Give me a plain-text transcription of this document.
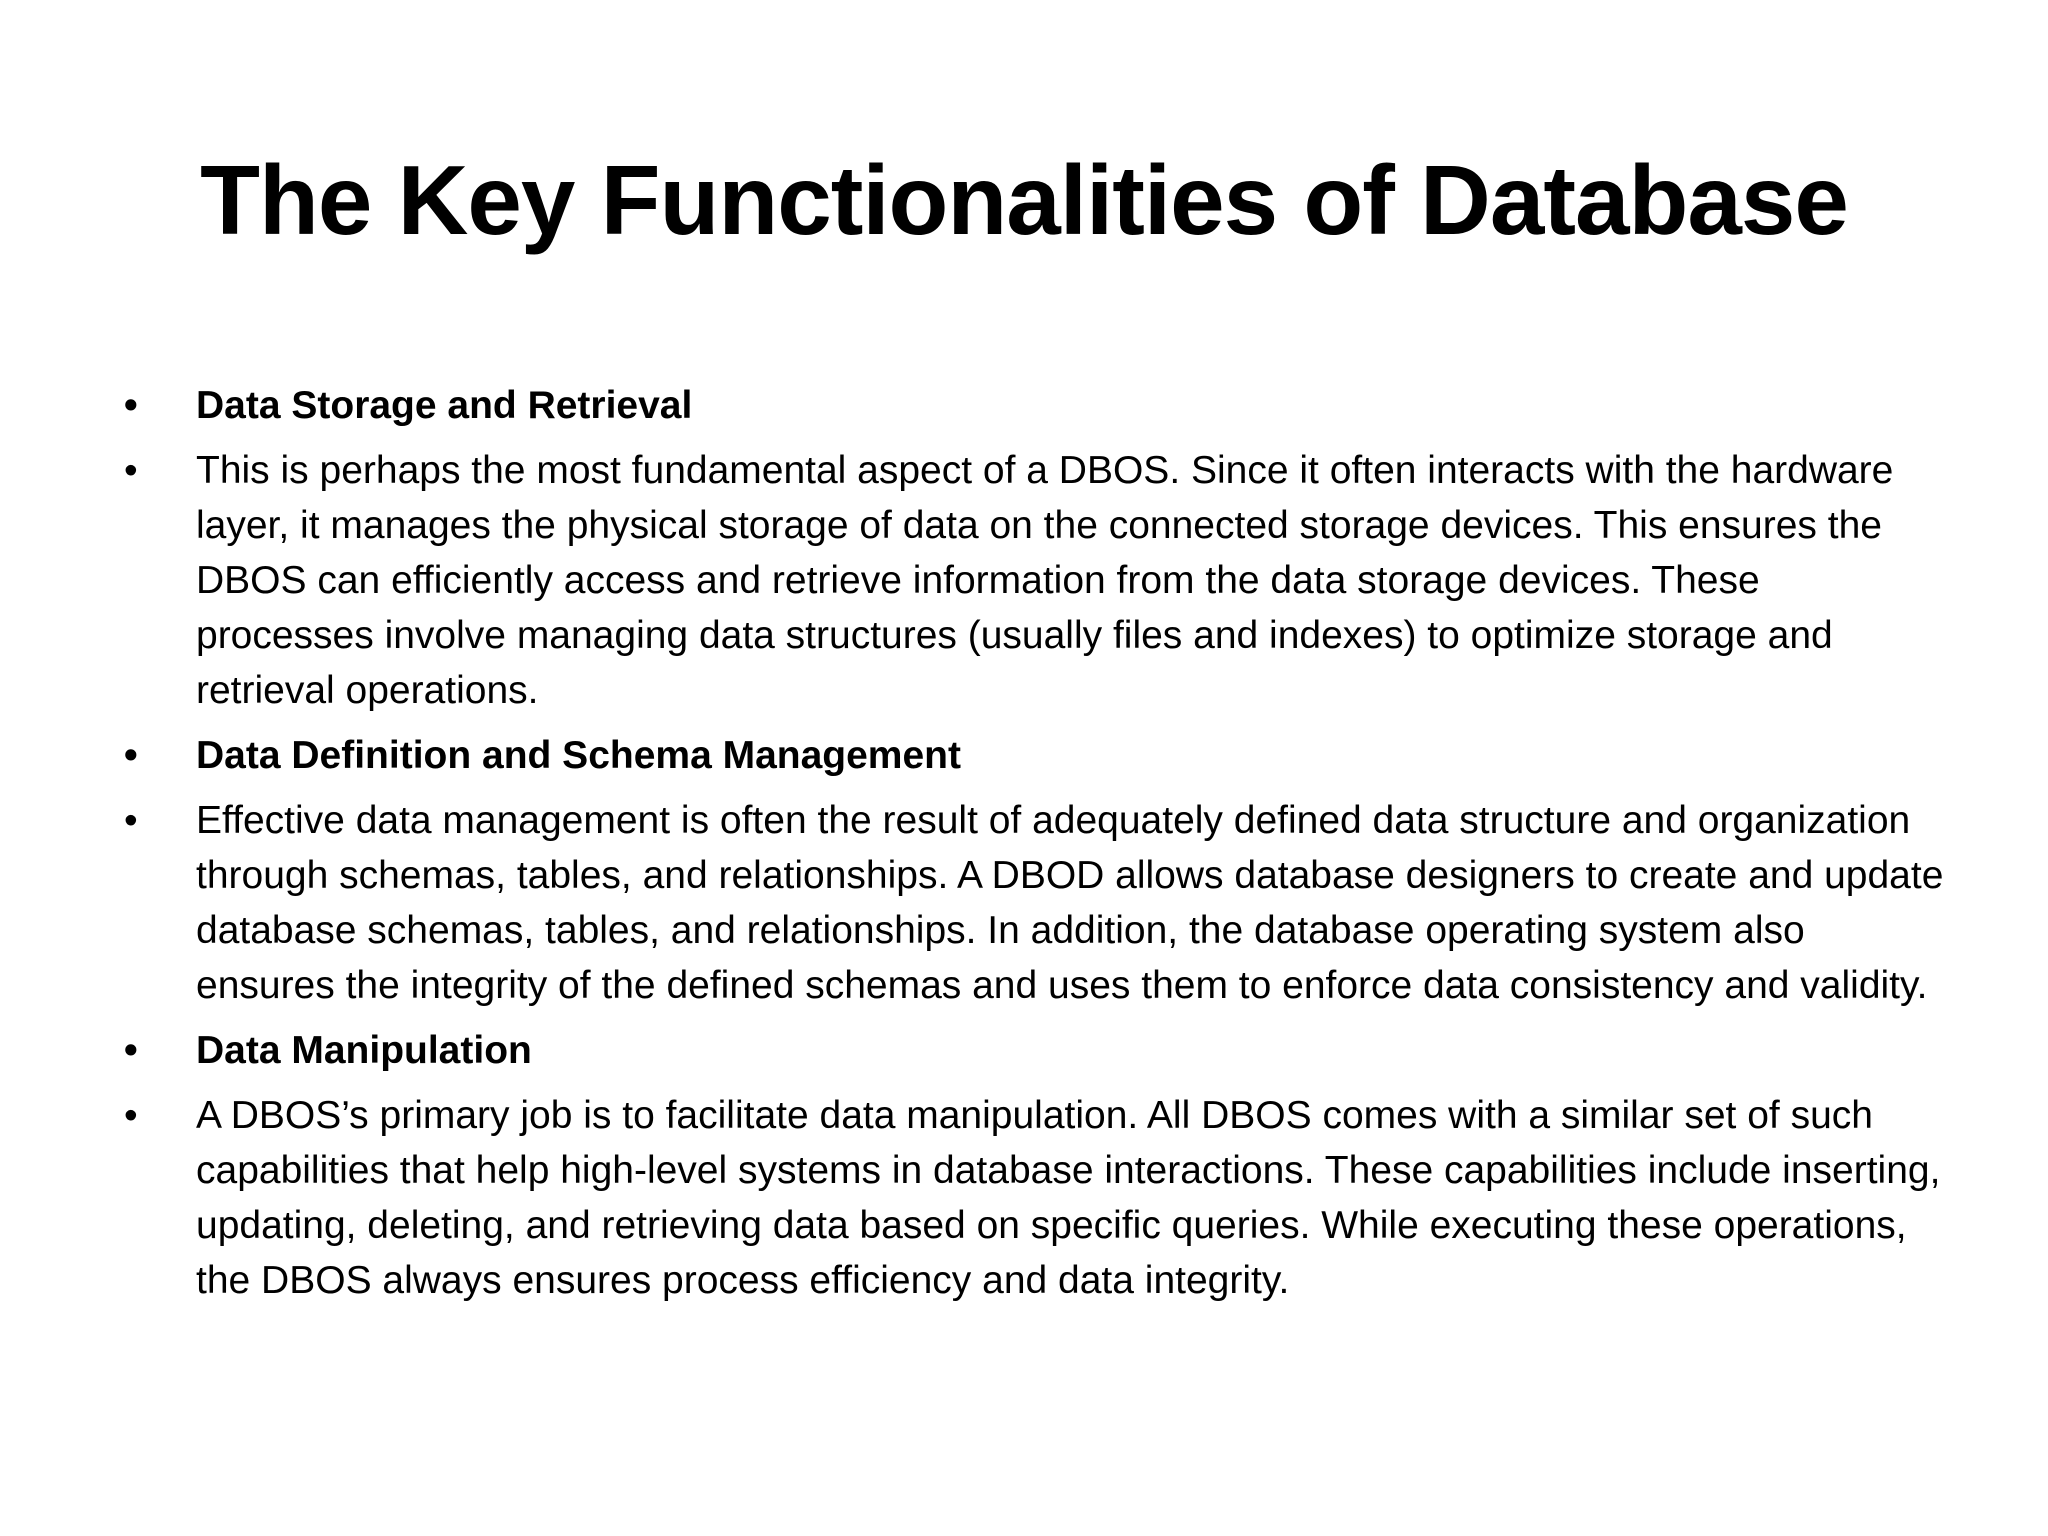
The Key Functionalities of Database
• Data Storage and Retrieval
• This is perhaps the most fundamental aspect of a DBOS. Since it often interacts with the hardware layer, it manages the physical storage of data on the connected storage devices. This ensures the DBOS can efficiently access and retrieve information from the data storage devices. These processes involve managing data structures (usually files and indexes) to optimize storage and retrieval operations.
• Data Definition and Schema Management
• Effective data management is often the result of adequately defined data structure and organization through schemas, tables, and relationships. A DBOD allows database designers to create and update database schemas, tables, and relationships. In addition, the database operating system also ensures the integrity of the defined schemas and uses them to enforce data consistency and validity.
• Data Manipulation
• A DBOS’s primary job is to facilitate data manipulation. All DBOS comes with a similar set of such capabilities that help high-level systems in database interactions. These capabilities include inserting, updating, deleting, and retrieving data based on specific queries. While executing these operations, the DBOS always ensures process efficiency and data integrity.
